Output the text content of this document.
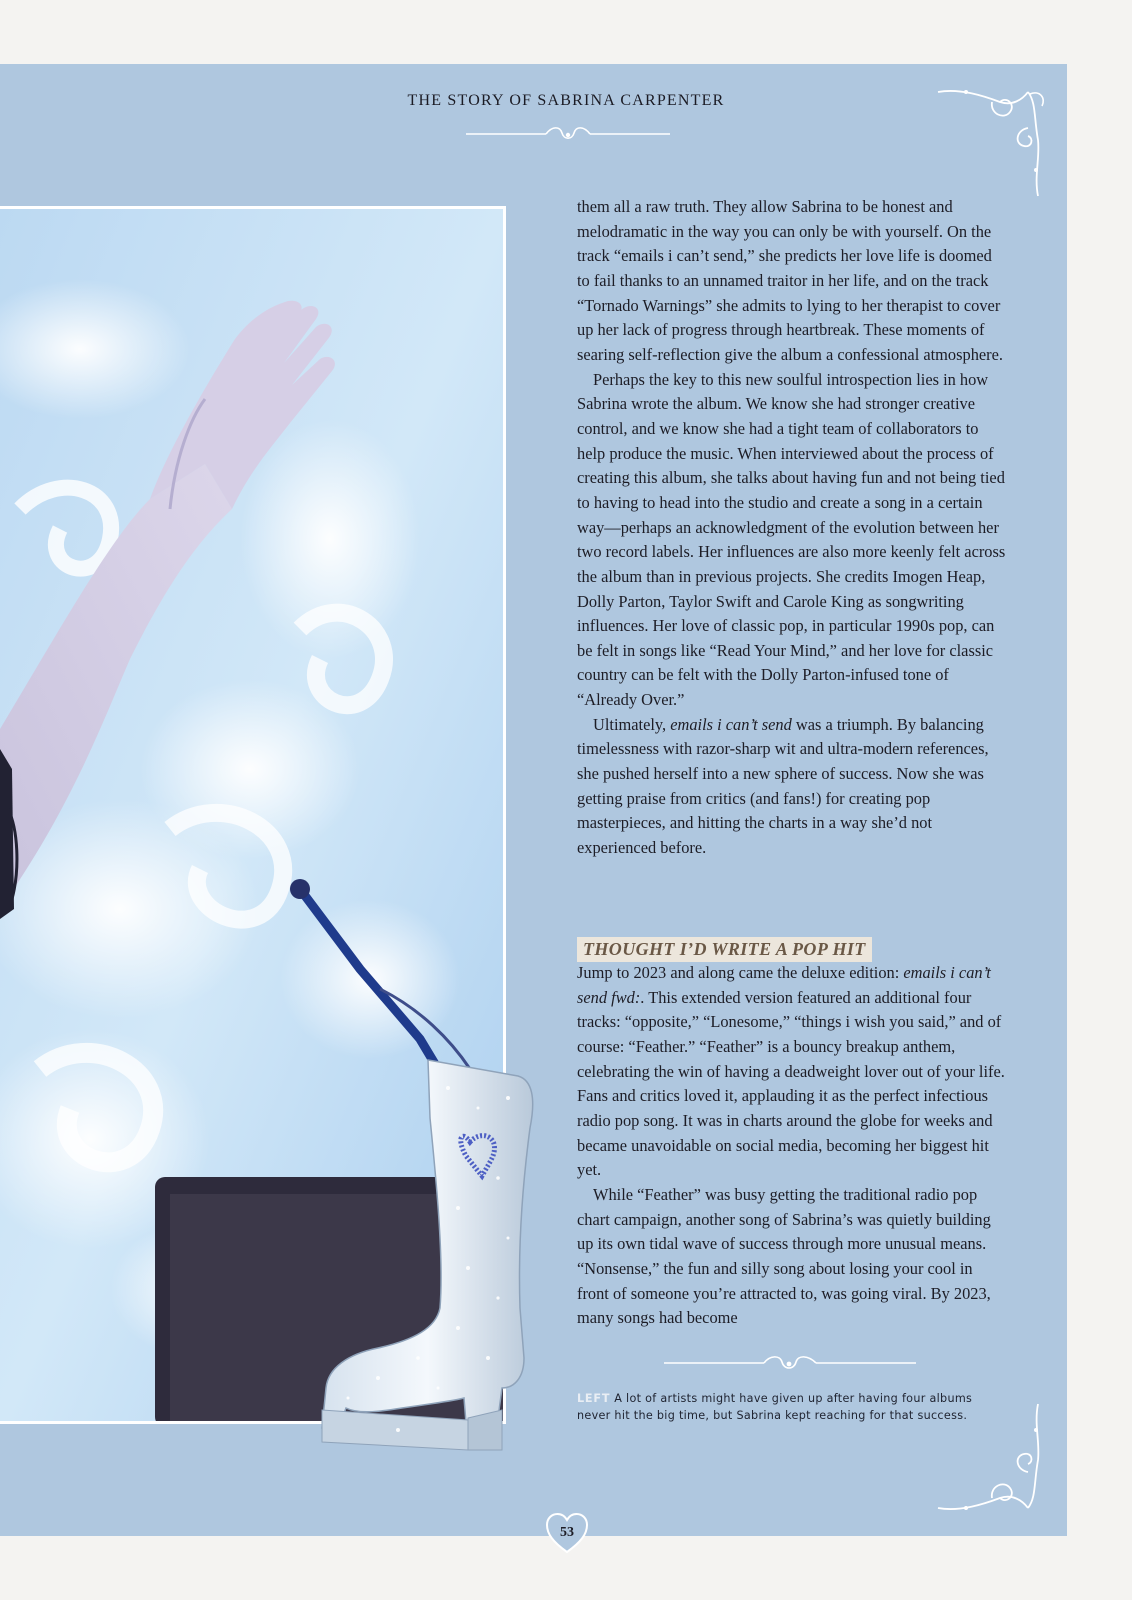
THE STORY OF SABRINA CARPENTER

them all a raw truth. They allow Sabrina to be honest and melodramatic in the way you can only be with yourself. On the track “emails i can’t send,” she predicts her love life is doomed to fail thanks to an unnamed traitor in her life, and on the track “Tornado Warnings” she admits to lying to her therapist to cover up her lack of progress through heartbreak. These moments of searing self-reflection give the album a confessional atmosphere.

Perhaps the key to this new soulful introspection lies in how Sabrina wrote the album. We know she had stronger creative control, and we know she had a tight team of collaborators to help produce the music. When interviewed about the process of creating this album, she talks about having fun and not being tied to having to head into the studio and create a song in a certain way—perhaps an acknowledgment of the evolution between her two record labels. Her influences are also more keenly felt across the album than in previous projects. She credits Imogen Heap, Dolly Parton, Taylor Swift and Carole King as songwriting influences. Her love of classic pop, in particular 1990s pop, can be felt in songs like “Read Your Mind,” and her love for classic country can be felt with the Dolly Parton-infused tone of “Already Over.”

Ultimately, emails i can’t send was a triumph. By balancing timelessness with razor-sharp wit and ultra-modern references, she pushed herself into a new sphere of success. Now she was getting praise from critics (and fans!) for creating pop masterpieces, and hitting the charts in a way she’d not experienced before.

THOUGHT I’D WRITE A POP HIT

Jump to 2023 and along came the deluxe edition: emails i can’t send fwd:. This extended version featured an additional four tracks: “opposite,” “Lonesome,” “things i wish you said,” and of course: “Feather.” “Feather” is a bouncy breakup anthem, celebrating the win of having a deadweight lover out of your life. Fans and critics loved it, applauding it as the perfect infectious radio pop song. It was in charts around the globe for weeks and became unavoidable on social media, becoming her biggest hit yet.

While “Feather” was busy getting the traditional radio pop chart campaign, another song of Sabrina’s was quietly building up its own tidal wave of success through more unusual means. “Nonsense,” the fun and silly song about losing your cool in front of someone you’re attracted to, was going viral. By 2023, many songs had become

LEFT A lot of artists might have given up after having four albums never hit the big time, but Sabrina kept reaching for that success.
53
